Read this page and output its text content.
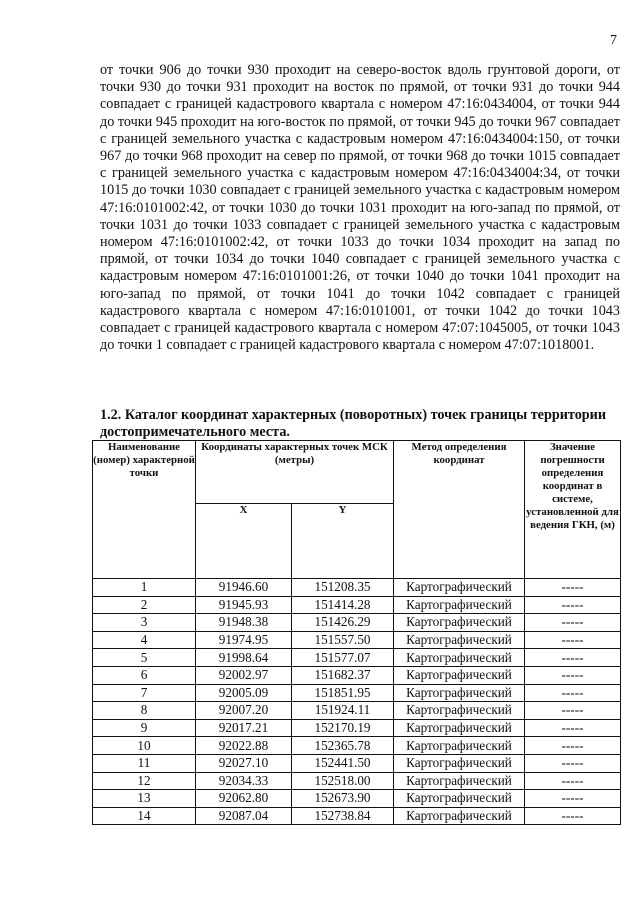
7
от точки 906 до точки 930 проходит на северо-восток вдоль грунтовой дороги, от точки 930 до точки 931 проходит на восток по прямой, от точки 931 до точки 944 совпадает с границей кадастрового квартала с номером 47:16:0434004, от точки 944 до точки 945 проходит на юго-восток по прямой, от точки 945 до точки 967 совпадает с границей земельного участка с кадастровым номером 47:16:0434004:150, от точки 967 до точки 968 проходит на север по прямой, от точки 968 до точки 1015 совпадает с границей земельного участка с кадастровым номером 47:16:0434004:34, от точки 1015 до точки 1030 совпадает с границей земельного участка с кадастровым номером 47:16:0101002:42, от точки 1030 до точки 1031 проходит на юго-запад по прямой, от точки 1031 до точки 1033 совпадает с границей земельного участка с кадастровым номером 47:16:0101002:42, от точки 1033 до точки 1034 проходит на запад по прямой, от точки 1034 до точки 1040 совпадает с границей земельного участка с кадастровым номером 47:16:0101001:26, от точки 1040 до точки 1041 проходит на юго-запад по прямой, от точки 1041 до точки 1042 совпадает с границей кадастрового квартала с номером 47:16:0101001, от точки 1042 до точки 1043 совпадает с границей кадастрового квартала с номером 47:07:1045005, от точки 1043 до точки 1 совпадает с границей кадастрового квартала с номером 47:07:1018001.
1.2. Каталог координат характерных (поворотных) точек границы территории достопримечательного места.
Наименование (номер) характерной точки	Координаты характерных точек МСК (метры)		Метод определения координат	Значение погрешности определения координат в системе, установленной для ведения ГКН, (м)
	X	Y		
1	91946.60	151208.35	Картографический	-----
2	91945.93	151414.28	Картографический	-----
3	91948.38	151426.29	Картографический	-----
4	91974.95	151557.50	Картографический	-----
5	91998.64	151577.07	Картографический	-----
6	92002.97	151682.37	Картографический	-----
7	92005.09	151851.95	Картографический	-----
8	92007.20	151924.11	Картографический	-----
9	92017.21	152170.19	Картографический	-----
10	92022.88	152365.78	Картографический	-----
11	92027.10	152441.50	Картографический	-----
12	92034.33	152518.00	Картографический	-----
13	92062.80	152673.90	Картографический	-----
14	92087.04	152738.84	Картографический	-----
